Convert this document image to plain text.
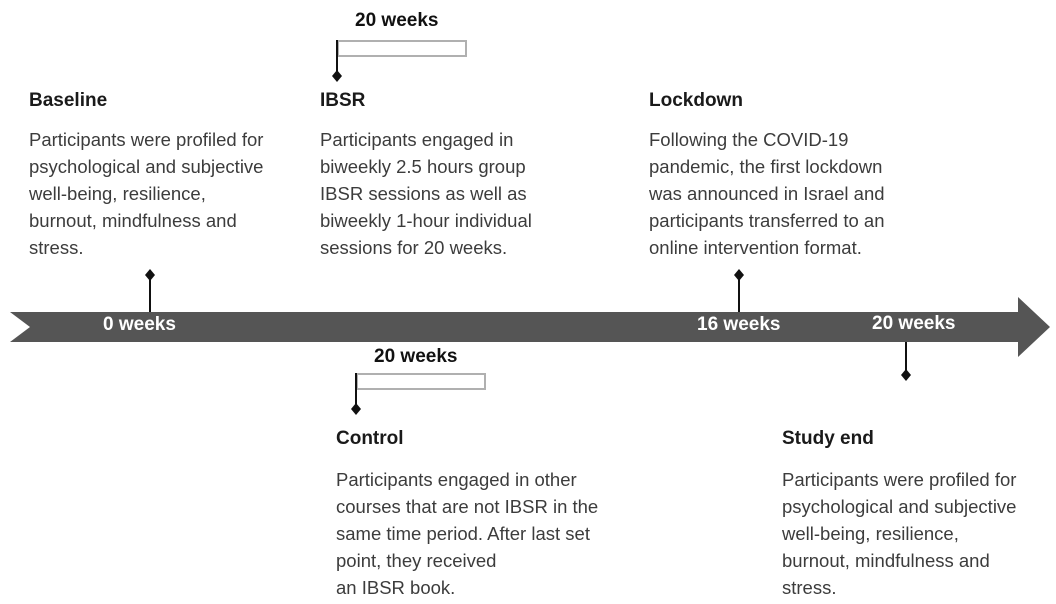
0 weeks	16 weeks	20 weeks
20 weeks
20 weeks
Baseline
Participants were profiled for
psychological and subjective
well-being, resilience,
burnout, mindfulness and
stress.
IBSR
Participants engaged in
biweekly 2.5 hours group
IBSR sessions as well as
biweekly 1-hour individual
sessions for 20 weeks.
Lockdown
Following the COVID-19
pandemic, the first lockdown
was announced in Israel and
participants transferred to an
online intervention format.
Control
Participants engaged in other
courses that are not IBSR in the
same time period. After last set
point, they received
an IBSR book.
Study end
Participants were profiled for
psychological and subjective
well-being, resilience,
burnout, mindfulness and
stress.
